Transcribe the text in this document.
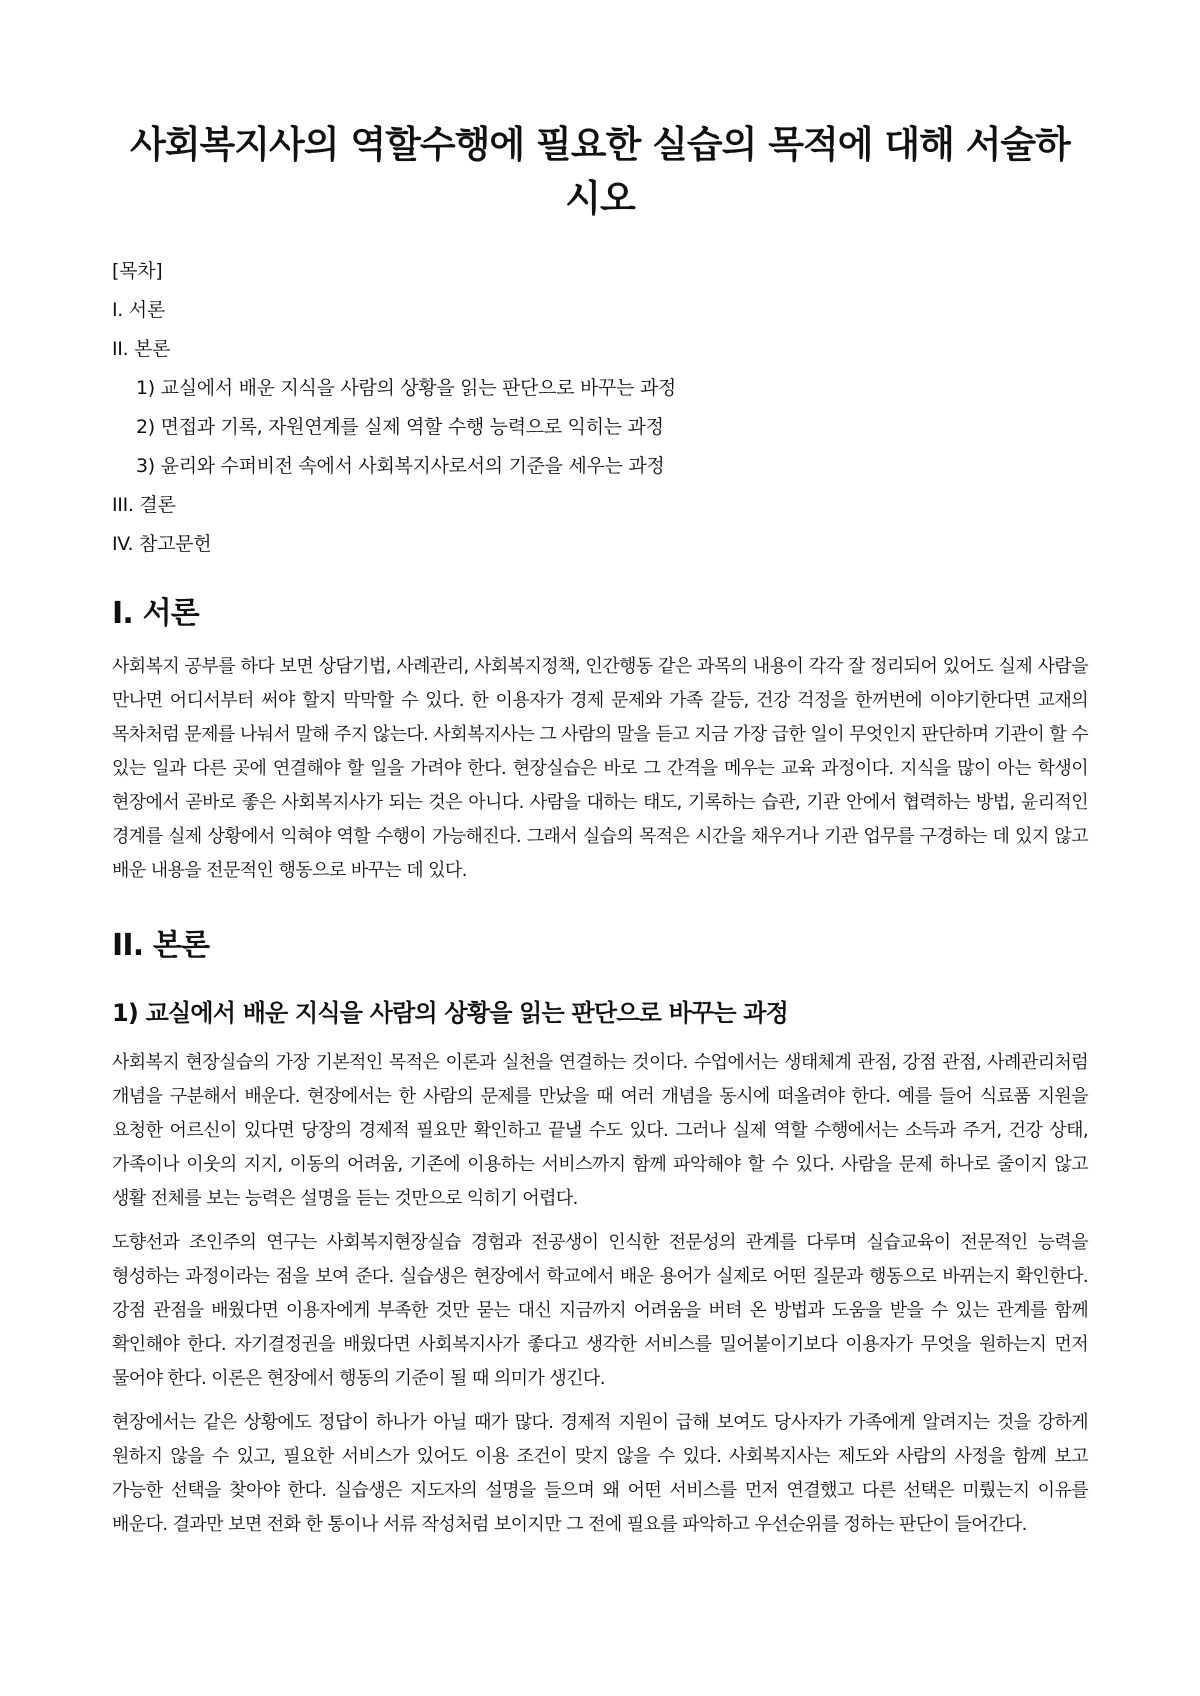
사회복지사의 역할수행에 필요한 실습의 목적에 대해 서술하시오
[목차]
I. 서론
II. 본론
1) 교실에서 배운 지식을 사람의 상황을 읽는 판단으로 바꾸는 과정
2) 면접과 기록, 자원연계를 실제 역할 수행 능력으로 익히는 과정
3) 윤리와 수퍼비전 속에서 사회복지사로서의 기준을 세우는 과정
III. 결론
IV. 참고문헌
I. 서론

사회복지 공부를 하다 보면 상담기법, 사례관리, 사회복지정책, 인간행동 같은 과목의 내용이 각각 잘 정리되어 있어도 실제 사람을 만나면 어디서부터 써야 할지 막막할 수 있다. 한 이용자가 경제 문제와 가족 갈등, 건강 걱정을 한꺼번에 이야기한다면 교재의 목차처럼 문제를 나눠서 말해 주지 않는다. 사회복지사는 그 사람의 말을 듣고 지금 가장 급한 일이 무엇인지 판단하며 기관이 할 수 있는 일과 다른 곳에 연결해야 할 일을 가려야 한다. 현장실습은 바로 그 간격을 메우는 교육 과정이다. 지식을 많이 아는 학생이 현장에서 곧바로 좋은 사회복지사가 되는 것은 아니다. 사람을 대하는 태도, 기록하는 습관, 기관 안에서 협력하는 방법, 윤리적인 경계를 실제 상황에서 익혀야 역할 수행이 가능해진다. 그래서 실습의 목적은 시간을 채우거나 기관 업무를 구경하는 데 있지 않고 배운 내용을 전문적인 행동으로 바꾸는 데 있다.

II. 본론
1) 교실에서 배운 지식을 사람의 상황을 읽는 판단으로 바꾸는 과정

사회복지 현장실습의 가장 기본적인 목적은 이론과 실천을 연결하는 것이다. 수업에서는 생태체계 관점, 강점 관점, 사례관리처럼 개념을 구분해서 배운다. 현장에서는 한 사람의 문제를 만났을 때 여러 개념을 동시에 떠올려야 한다. 예를 들어 식료품 지원을 요청한 어르신이 있다면 당장의 경제적 필요만 확인하고 끝낼 수도 있다. 그러나 실제 역할 수행에서는 소득과 주거, 건강 상태, 가족이나 이웃의 지지, 이동의 어려움, 기존에 이용하는 서비스까지 함께 파악해야 할 수 있다. 사람을 문제 하나로 줄이지 않고 생활 전체를 보는 능력은 설명을 듣는 것만으로 익히기 어렵다.

도향선과 조인주의 연구는 사회복지현장실습 경험과 전공생이 인식한 전문성의 관계를 다루며 실습교육이 전문적인 능력을 형성하는 과정이라는 점을 보여 준다. 실습생은 현장에서 학교에서 배운 용어가 실제로 어떤 질문과 행동으로 바뀌는지 확인한다. 강점 관점을 배웠다면 이용자에게 부족한 것만 묻는 대신 지금까지 어려움을 버텨 온 방법과 도움을 받을 수 있는 관계를 함께 확인해야 한다. 자기결정권을 배웠다면 사회복지사가 좋다고 생각한 서비스를 밀어붙이기보다 이용자가 무엇을 원하는지 먼저 물어야 한다. 이론은 현장에서 행동의 기준이 될 때 의미가 생긴다.

현장에서는 같은 상황에도 정답이 하나가 아닐 때가 많다. 경제적 지원이 급해 보여도 당사자가 가족에게 알려지는 것을 강하게 원하지 않을 수 있고, 필요한 서비스가 있어도 이용 조건이 맞지 않을 수 있다. 사회복지사는 제도와 사람의 사정을 함께 보고 가능한 선택을 찾아야 한다. 실습생은 지도자의 설명을 들으며 왜 어떤 서비스를 먼저 연결했고 다른 선택은 미뤘는지 이유를 배운다. 결과만 보면 전화 한 통이나 서류 작성처럼 보이지만 그 전에 필요를 파악하고 우선순위를 정하는 판단이 들어간다.
